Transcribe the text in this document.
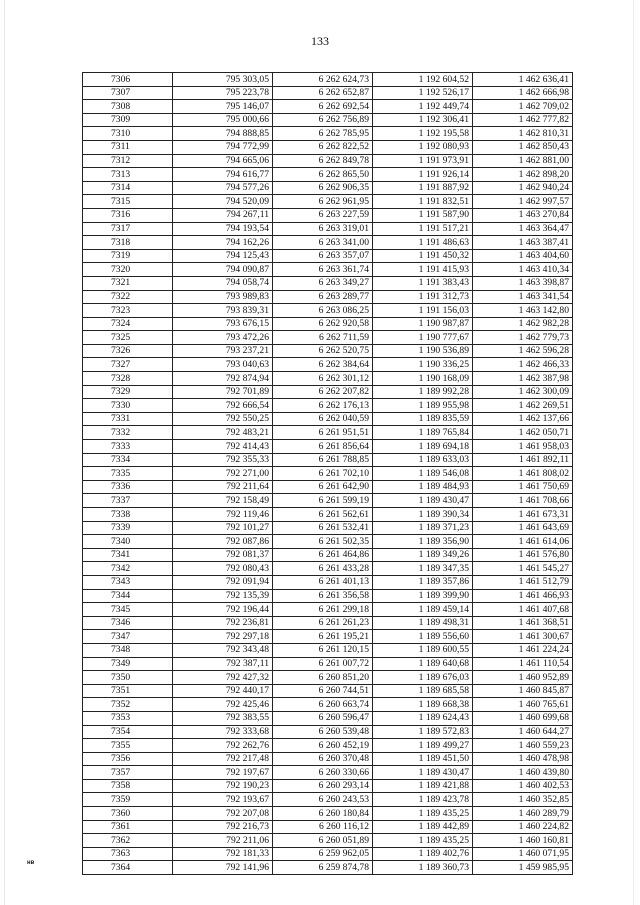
133
7306	795 303,05	6 262 624,73	1 192 604,52	1 462 636,41
7307	795 223,78	6 262 652,87	1 192 526,17	1 462 666,98
7308	795 146,07	6 262 692,54	1 192 449,74	1 462 709,02
7309	795 000,66	6 262 756,89	1 192 306,41	1 462 777,82
7310	794 888,85	6 262 785,95	1 192 195,58	1 462 810,31
7311	794 772,99	6 262 822,52	1 192 080,93	1 462 850,43
7312	794 665,06	6 262 849,78	1 191 973,91	1 462 881,00
7313	794 616,77	6 262 865,50	1 191 926,14	1 462 898,20
7314	794 577,26	6 262 906,35	1 191 887,92	1 462 940,24
7315	794 520,09	6 262 961,95	1 191 832,51	1 462 997,57
7316	794 267,11	6 263 227,59	1 191 587,90	1 463 270,84
7317	794 193,54	6 263 319,01	1 191 517,21	1 463 364,47
7318	794 162,26	6 263 341,00	1 191 486,63	1 463 387,41
7319	794 125,43	6 263 357,07	1 191 450,32	1 463 404,60
7320	794 090,87	6 263 361,74	1 191 415,93	1 463 410,34
7321	794 058,74	6 263 349,27	1 191 383,43	1 463 398,87
7322	793 989,83	6 263 289,77	1 191 312,73	1 463 341,54
7323	793 839,31	6 263 086,25	1 191 156,03	1 463 142,80
7324	793 676,15	6 262 920,58	1 190 987,87	1 462 982,28
7325	793 472,26	6 262 711,59	1 190 777,67	1 462 779,73
7326	793 237,21	6 262 520,75	1 190 536,89	1 462 596,28
7327	793 040,63	6 262 384,64	1 190 336,25	1 462 466,33
7328	792 874,94	6 262 301,12	1 190 168,09	1 462 387,98
7329	792 701,89	6 262 207,82	1 189 992,28	1 462 300,09
7330	792 666,54	6 262 176,13	1 189 955,98	1 462 269,51
7331	792 550,25	6 262 040,59	1 189 835,59	1 462 137,66
7332	792 483,21	6 261 951,51	1 189 765,84	1 462 050,71
7333	792 414,43	6 261 856,64	1 189 694,18	1 461 958,03
7334	792 355,33	6 261 788,85	1 189 633,03	1 461 892,11
7335	792 271,00	6 261 702,10	1 189 546,08	1 461 808,02
7336	792 211,64	6 261 642,90	1 189 484,93	1 461 750,69
7337	792 158,49	6 261 599,19	1 189 430,47	1 461 708,66
7338	792 119,46	6 261 562,61	1 189 390,34	1 461 673,31
7339	792 101,27	6 261 532,41	1 189 371,23	1 461 643,69
7340	792 087,86	6 261 502,35	1 189 356,90	1 461 614,06
7341	792 081,37	6 261 464,86	1 189 349,26	1 461 576,80
7342	792 080,43	6 261 433,28	1 189 347,35	1 461 545,27
7343	792 091,94	6 261 401,13	1 189 357,86	1 461 512,79
7344	792 135,39	6 261 356,58	1 189 399,90	1 461 466,93
7345	792 196,44	6 261 299,18	1 189 459,14	1 461 407,68
7346	792 236,81	6 261 261,23	1 189 498,31	1 461 368,51
7347	792 297,18	6 261 195,21	1 189 556,60	1 461 300,67
7348	792 343,48	6 261 120,15	1 189 600,55	1 461 224,24
7349	792 387,11	6 261 007,72	1 189 640,68	1 461 110,54
7350	792 427,32	6 260 851,20	1 189 676,03	1 460 952,89
7351	792 440,17	6 260 744,51	1 189 685,58	1 460 845,87
7352	792 425,46	6 260 663,74	1 189 668,38	1 460 765,61
7353	792 383,55	6 260 596,47	1 189 624,43	1 460 699,68
7354	792 333,68	6 260 539,48	1 189 572,83	1 460 644,27
7355	792 262,76	6 260 452,19	1 189 499,27	1 460 559,23
7356	792 217,48	6 260 370,48	1 189 451,50	1 460 478,98
7357	792 197,67	6 260 330,66	1 189 430,47	1 460 439,80
7358	792 190,23	6 260 293,14	1 189 421,88	1 460 402,53
7359	792 193,67	6 260 243,53	1 189 423,78	1 460 352,85
7360	792 207,08	6 260 180,84	1 189 435,25	1 460 289,79
7361	792 216,73	6 260 116,12	1 189 442,89	1 460 224,82
7362	792 211,06	6 260 051,89	1 189 435,25	1 460 160,81
7363	792 181,33	6 259 962,05	1 189 402,76	1 460 071,95
7364	792 141,96	6 259 874,78	1 189 360,73	1 459 985,95
нв
